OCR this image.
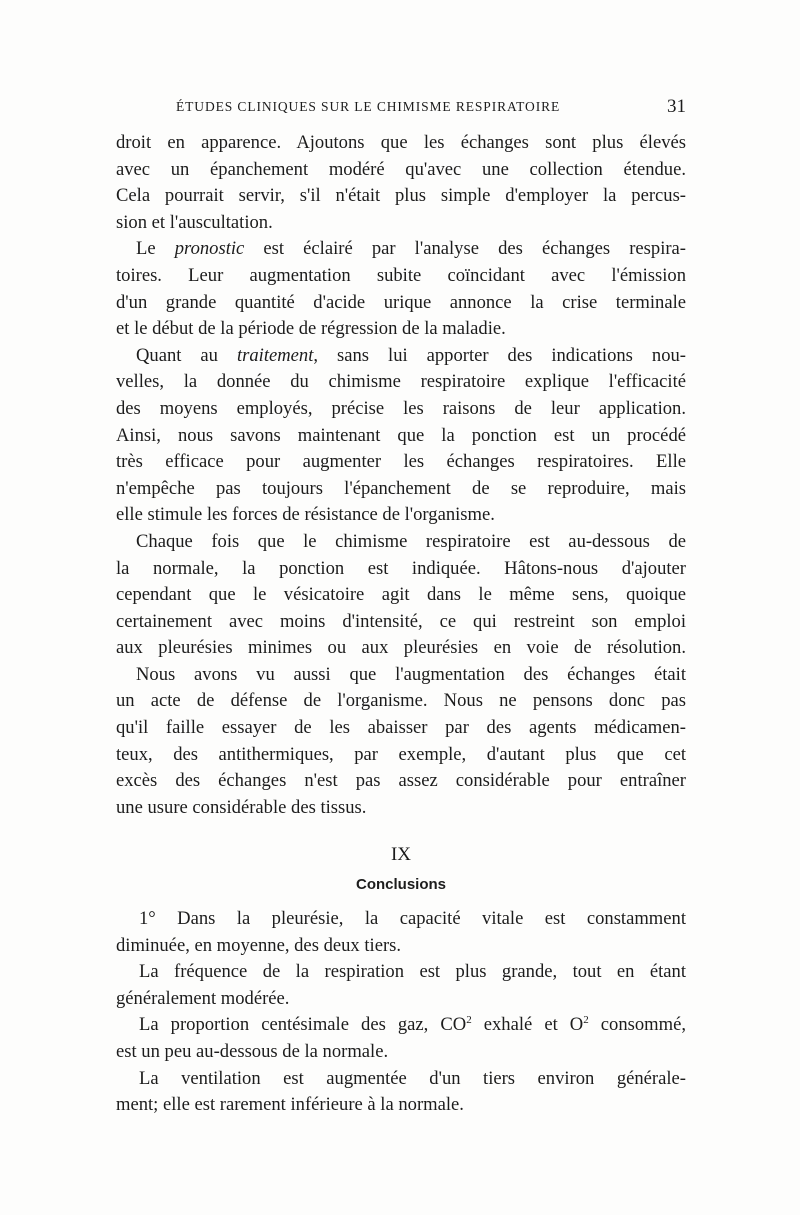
ÉTUDES CLINIQUES SUR LE CHIMISME RESPIRATOIRE	31
droit en apparence. Ajoutons que les échanges sont plus élevés
avec un épanchement modéré qu'avec une collection étendue.
Cela pourrait servir, s'il n'était plus simple d'employer la percus-
sion et l'auscultation.
Le pronostic est éclairé par l'analyse des échanges respira-
toires. Leur augmentation subite coïncidant avec l'émission
d'un grande quantité d'acide urique annonce la crise terminale
et le début de la période de régression de la maladie.
Quant au traitement, sans lui apporter des indications nou-
velles, la donnée du chimisme respiratoire explique l'efficacité
des moyens employés, précise les raisons de leur application.
Ainsi, nous savons maintenant que la ponction est un procédé
très efficace pour augmenter les échanges respiratoires. Elle
n'empêche pas toujours l'épanchement de se reproduire, mais
elle stimule les forces de résistance de l'organisme.
Chaque fois que le chimisme respiratoire est au-dessous de
la normale, la ponction est indiquée. Hâtons-nous d'ajouter
cependant que le vésicatoire agit dans le même sens, quoique
certainement avec moins d'intensité, ce qui restreint son emploi
aux pleurésies minimes ou aux pleurésies en voie de résolution.
Nous avons vu aussi que l'augmentation des échanges était
un acte de défense de l'organisme. Nous ne pensons donc pas
qu'il faille essayer de les abaisser par des agents médicamen-
teux, des antithermiques, par exemple, d'autant plus que cet
excès des échanges n'est pas assez considérable pour entraîner
une usure considérable des tissus.
IX
Conclusions
1° Dans la pleurésie, la capacité vitale est constamment
diminuée, en moyenne, des deux tiers.
La fréquence de la respiration est plus grande, tout en étant
généralement modérée.
La proportion centésimale des gaz, $CO^2$ exhalé et $O^2$ consommé,
est un peu au-dessous de la normale.
La ventilation est augmentée d'un tiers environ générale-
ment; elle est rarement inférieure à la normale.
